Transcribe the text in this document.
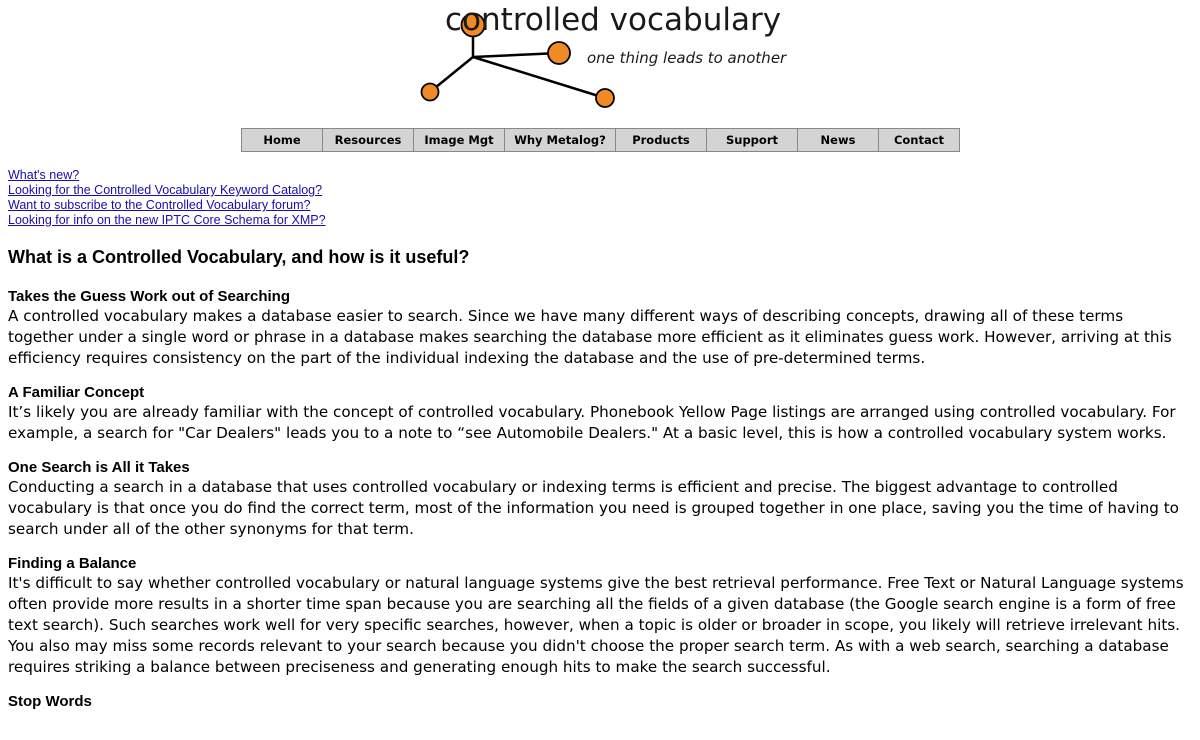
controlled vocabulary
one thing leads to another
Home	Resources	Image Mgt	Why Metalog?	Products	Support	News	Contact
What's new?
Looking for the Controlled Vocabulary Keyword Catalog?
Want to subscribe to the Controlled Vocabulary forum?
Looking for info on the new IPTC Core Schema for XMP?
What is a Controlled Vocabulary, and how is it useful?
Takes the Guess Work out of Searching

A controlled vocabulary makes a database easier to search. Since we have many different ways of describing concepts, drawing all of these terms together under a single word or phrase in a database makes searching the database more efficient as it eliminates guess work. However, arriving at this efficiency requires consistency on the part of the individual indexing the database and the use of pre-determined terms.

A Familiar Concept

It’s likely you are already familiar with the concept of controlled vocabulary. Phonebook Yellow Page listings are arranged using controlled vocabulary. For example, a search for "Car Dealers" leads you to a note to “see Automobile Dealers." At a basic level, this is how a controlled vocabulary system works.

One Search is All it Takes

Conducting a search in a database that uses controlled vocabulary or indexing terms is efficient and precise. The biggest advantage to controlled vocabulary is that once you do find the correct term, most of the information you need is grouped together in one place, saving you the time of having to search under all of the other synonyms for that term.

Finding a Balance

It's difficult to say whether controlled vocabulary or natural language systems give the best retrieval performance. Free Text or Natural Language systems often provide more results in a shorter time span because you are searching all the fields of a given database (the Google search engine is a form of free text search). Such searches work well for very specific searches, however, when a topic is older or broader in scope, you likely will retrieve irrelevant hits. You also may miss some records relevant to your search because you didn't choose the proper search term. As with a web search, searching a database requires striking a balance between preciseness and generating enough hits to make the search successful.

Stop Words
